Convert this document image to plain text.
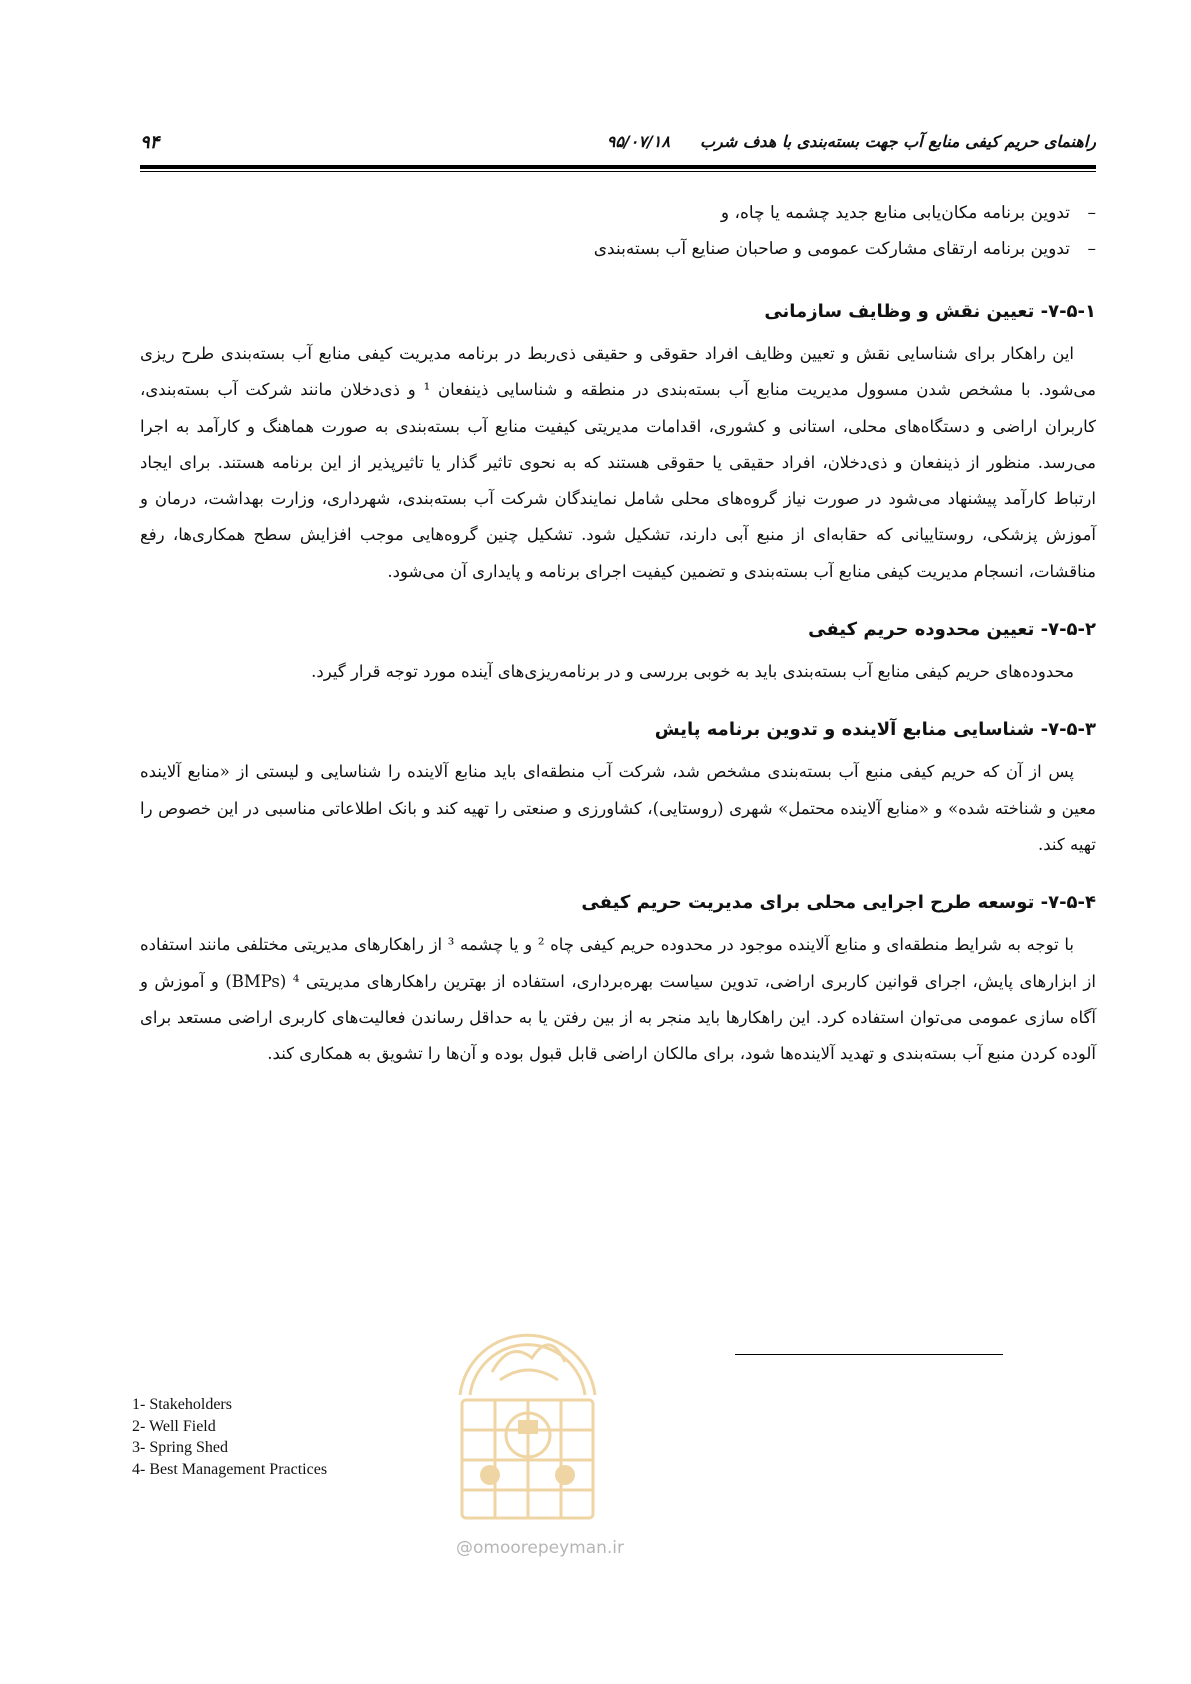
۹۴	راهنمای حریم کیفی منابع آب جهت بسته‌بندی با هدف شرب۹۵/۰۷/۱۸
–
تدوین برنامه مکان‌یابی منابع جدید چشمه یا چاه، و
–
تدوین برنامه ارتقای مشارکت عمومی و صاحبان صنایع آب بسته‌بندی
۷-۵-۱- تعیین نقش و وظایف سازمانی

این راهکار برای شناسایی نقش و تعیین وظایف افراد حقوقی و حقیقی ذی‌ربط در برنامه مدیریت کیفی منابع آب بسته‌بندی طرح ریزی می‌شود. با مشخص شدن مسوول مدیریت منابع آب بسته‌بندی در منطقه و شناسایی ذینفعان ¹ و ذی‌دخلان مانند شرکت آب بسته‌بندی، کاربران اراضی و دستگاه‌های محلی، استانی و کشوری، اقدامات مدیریتی کیفیت منابع آب بسته‌بندی به صورت هماهنگ و کارآمد به اجرا می‌رسد. منظور از ذینفعان و ذی‌دخلان، افراد حقیقی یا حقوقی هستند که به نحوی تاثیر گذار یا تاثیرپذیر از این برنامه هستند. برای ایجاد ارتباط کارآمد پیشنهاد می‌شود در صورت نیاز گروه‌های محلی شامل نمایندگان شرکت آب بسته‌بندی، شهرداری، وزارت بهداشت، درمان و آموزش پزشکی، روستاییانی که حقابه‌ای از منبع آبی دارند، تشکیل شود. تشکیل چنین گروه‌هایی موجب افزایش سطح همکاری‌ها، رفع مناقشات، انسجام مدیریت کیفی منابع آب بسته‌بندی و تضمین کیفیت اجرای برنامه و پایداری آن می‌شود.

۷-۵-۲- تعیین محدوده حریم کیفی

محدوده‌های حریم کیفی منابع آب بسته‌بندی باید به خوبی بررسی و در برنامه‌ریزی‌های آینده مورد توجه قرار گیرد.

۷-۵-۳- شناسایی منابع آلاینده و تدوین برنامه پایش

پس از آن که حریم کیفی منبع آب بسته‌بندی مشخص شد، شرکت آب منطقه‌ای باید منابع آلاینده را شناسایی و لیستی از «منابع آلاینده معین و شناخته شده» و «منابع آلاینده محتمل» شهری (روستایی)، کشاورزی و صنعتی را تهیه کند و بانک اطلاعاتی مناسبی در این خصوص را تهیه کند.

۷-۵-۴- توسعه طرح اجرایی محلی برای مدیریت حریم کیفی

با توجه به شرایط منطقه‌ای و منابع آلاینده موجود در محدوده حریم کیفی چاه ² و یا چشمه ³ از راهکارهای مدیریتی مختلفی مانند استفاده از ابزارهای پایش، اجرای قوانین کاربری اراضی، تدوین سیاست بهره‌برداری، استفاده از بهترین راهکارهای مدیریتی ⁴ (BMPs) و آموزش و آگاه سازی عمومی می‌توان استفاده کرد. این راهکارها باید منجر به از بین رفتن یا به حداقل رساندن فعالیت‌های کاربری اراضی مستعد برای آلوده کردن منبع آب بسته‌بندی و تهدید آلاینده‌ها شود، برای مالکان اراضی قابل قبول بوده و آن‌ها را تشویق به همکاری کند.

1- Stakeholders
2- Well Field
3- Spring Shed
4- Best Management Practices
@omoorepeyman.ir
